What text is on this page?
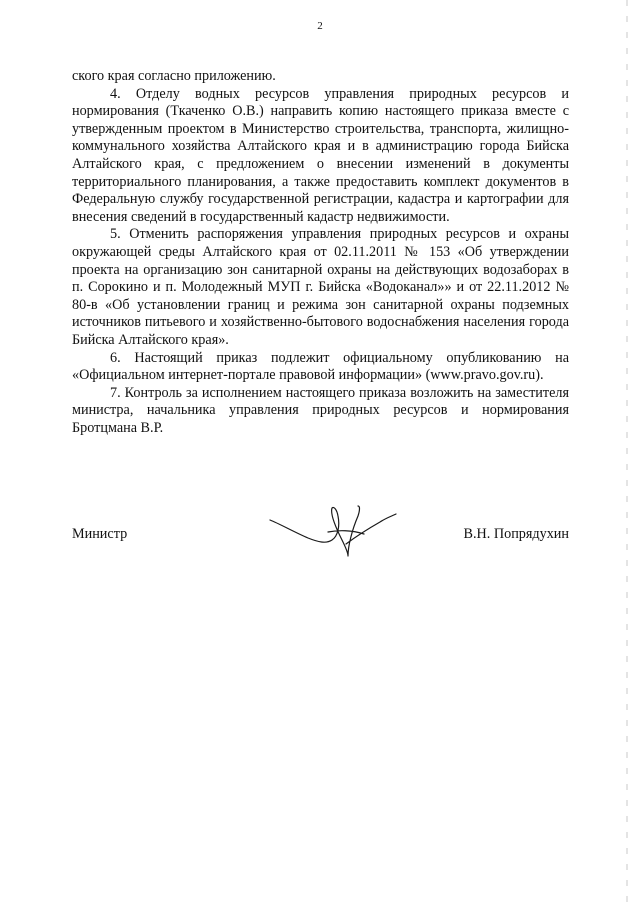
2

ского края согласно приложению.

4. Отделу водных ресурсов управления природных ресурсов и нормирования (Ткаченко О.В.) направить копию настоящего приказа вместе с утвержденным проектом в Министерство строительства, транспорта, жилищно-коммунального хозяйства Алтайского края и в администрацию города Бийска Алтайского края, с предложением о внесении изменений в документы территориального планирования, а также предоставить комплект документов в Федеральную службу государственной регистрации, кадастра и картографии для внесения сведений в государственный кадастр недвижимости.

5. Отменить распоряжения управления природных ресурсов и охраны окружающей среды Алтайского края от 02.11.2011 № 153 «Об утверждении проекта на организацию зон санитарной охраны на действующих водозаборах в п. Сорокино и п. Молодежный МУП г. Бийска «Водоканал»» и от 22.11.2012 № 80-в «Об установлении границ и режима зон санитарной охраны подземных источников питьевого и хозяйственно-бытового водоснабжения населения города Бийска Алтайского края».

6. Настоящий приказ подлежит официальному опубликованию на «Официальном интернет-портале правовой информации» (www.pravo.gov.ru).

7. Контроль за исполнением настоящего приказа возложить на заместителя министра, начальника управления природных ресурсов и нормирования Бротцмана В.Р.

Министр	В.Н. Попрядухин
